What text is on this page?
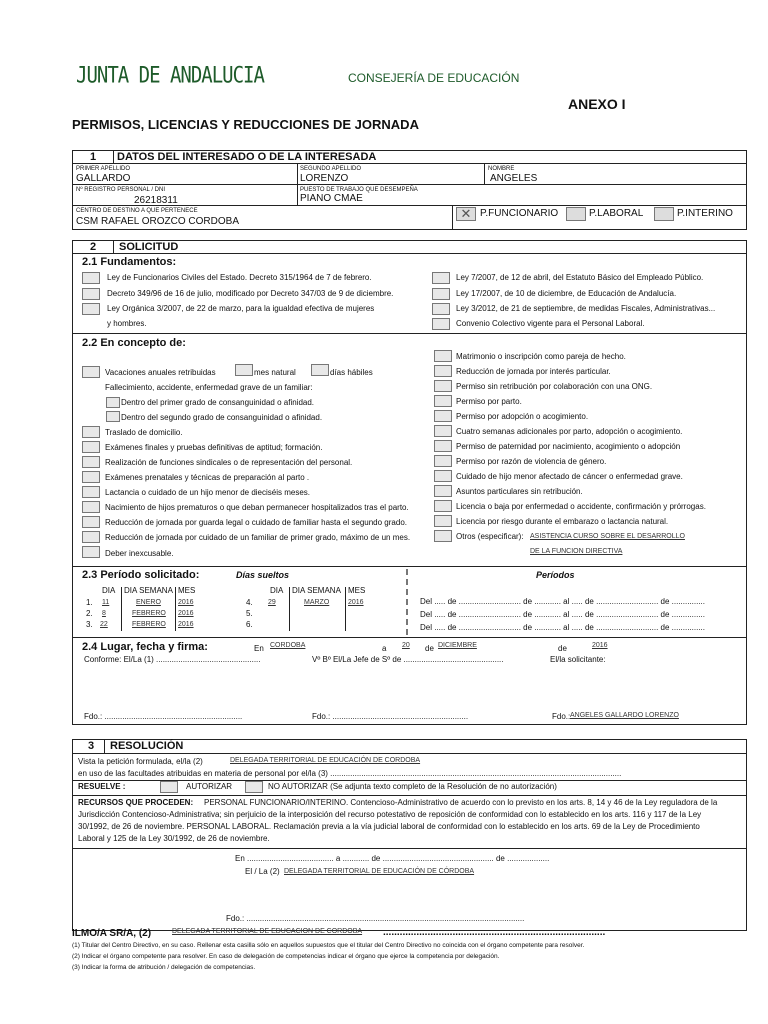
JUNTA DE ANDALUCIA	CONSEJERÍA DE EDUCACIÓN
ANEXO I
PERMISOS, LICENCIAS Y REDUCCIONES DE JORNADA
1 DATOS DEL INTERESADO O DE LA INTERESADA
PRIMER APELLIDO
GALLARDO
SEGUNDO APELLIDO
LORENZO
NOMBRE
ANGELES
Nº REGISTRO PERSONAL / DNI
26218311
PUESTO DE TRABAJO QUE DESEMPEÑA
PIANO CMAE
CENTRO DE DESTINO A QUE PERTENECE
CSM RAFAEL OROZCO CORDOBA
✕ P.FUNCIONARIO	P.LABORAL	P.INTERINO
2 SOLICITUD
2.1 Fundamentos:
Ley de Funcionarios Civiles del Estado. Decreto 315/1964 de 7 de febrero.
Decreto 349/96 de 16 de julio, modificado por Decreto 347/03 de 9 de diciembre.
Ley Orgánica 3/2007, de 22 de marzo, para la igualdad efectiva de mujeres
y hombres.
Ley 7/2007, de 12 de abril, del Estatuto Básico del Empleado Público.
Ley 17/2007, de 10 de diciembre, de Educación de Andalucía.
Ley 3/2012, de 21 de septiembre, de medidas Fiscales, Administrativas...
Convenio Colectivo vigente para el Personal Laboral.
2.2 En concepto de:
Vacaciones anuales retribuidas	mes natural	días hábiles
Fallecimiento, accidente, enfermedad grave de un familiar:
Dentro del primer grado de consanguinidad o afinidad.
Dentro del segundo grado de consanguinidad o afinidad.
Traslado de domicilio.
Exámenes finales y pruebas definitivas de aptitud; formación.
Realización de funciones sindicales o de representación del personal.
Exámenes prenatales y técnicas de preparación al parto .
Lactancia o cuidado de un hijo menor de dieciséis meses.
Nacimiento de hijos prematuros o que deban permanecer hospitalizados tras el parto.
Reducción de jornada por guarda legal o cuidado de familiar hasta el segundo grado.
Reducción de jornada por cuidado de un familiar de primer grado, máximo de un mes.
Deber inexcusable.
Matrimonio o inscripción como pareja de hecho.
Reducción de jornada por interés particular.
Permiso sin retribución por colaboración con una ONG.
Permiso por parto.
Permiso por adopción o acogimiento.
Cuatro semanas adicionales por parto, adopción o acogimiento.
Permiso de paternidad por nacimiento, acogimiento o adopción
Permiso por razón de violencia de género.
Cuidado de hijo menor afectado de cáncer o enfermedad grave.
Asuntos particulares sin retribución.
Licencia o baja por enfermedad o accidente, confirmación y prórrogas.
Licencia por riesgo durante el embarazo o lactancia natural.
Otros (especificar): ASISTENCIA CURSO SOBRE EL DESARROLLO
DE LA FUNCION DIRECTIVA
2.3 Período solicitado:	Días sueltos	Períodos
DIA DIA SEMANA MES	DIA DIA SEMANA MES
1. 11	ENERO 2016
2. 8	FEBRERO 2016
3. 22	FEBRERO 2016
4. 29	MARZO	2016
5.
6.
Del ..... de ............................ de ............ al ..... de ............................ de ...............
Del ..... de ............................ de ............ al ..... de ............................ de ...............
Del ..... de ............................ de ............ al ..... de ............................ de ...............
2.4 Lugar, fecha y firma:	En CORDOBA	a 20 de DICIEMBRE	de	2016
Conforme: El/La (1) ...............................................	Vº Bº El/La Jefe de Sº de .............................................	El/la solicitante:
Fdo.: ..............................................................	Fdo.: .............................................................	Fdo.: ANGELES GALLARDO LORENZO
3 RESOLUCIÓN
Vista la petición formulada, el/la (2)	DELEGADA TERRITORIAL DE EDUCACIÓN DE CORDOBA
en uso de las facultades atribuidas en materia de personal por el/la (3) ...................................................................................................................................
RESUELVE :	AUTORIZAR	NO AUTORIZAR (Se adjunta texto completo de la Resolución de no autorización)
RECURSOS QUE PROCEDEN: PERSONAL FUNCIONARIO/INTERINO. Contencioso-Administrativo de acuerdo con lo previsto en los arts. 8, 14 y 46 de la Ley reguladora de la
Jurisdicción Contencioso-Administrativa; sin perjuicio de la interposición del recurso potestativo de reposición de conformidad con lo establecido en los arts. 116 y 117 de la Ley
30/1992, de 26 de noviembre. PERSONAL LABORAL. Reclamación previa a la vía judicial laboral de conformidad con lo establecido en los arts. 69 de la Ley de Procedimiento
Laboral y 125 de la Ley 30/1992, de 26 de noviembre.
En ....................................... a ............ de .................................................. de ...................
El / La (2) DELEGADA TERRITORIAL DE EDUCACIÓN DE CÓRDOBA
Fdo.: .............................................................................................................................
ILMO/A SR/A, (2)	DELEGADA TERRITORIAL DE EDUCACION DE CORDOBA ................................................................................
(1) Titular del Centro Directivo, en su caso. Rellenar esta casilla sólo en aquellos supuestos que el titular del Centro Directivo no coincida con el órgano competente para resolver.
(2) Indicar el órgano competente para resolver. En caso de delegación de competencias indicar el órgano que ejerce la competencia por delegación.
(3) Indicar la forma de atribución / delegación de competencias.
